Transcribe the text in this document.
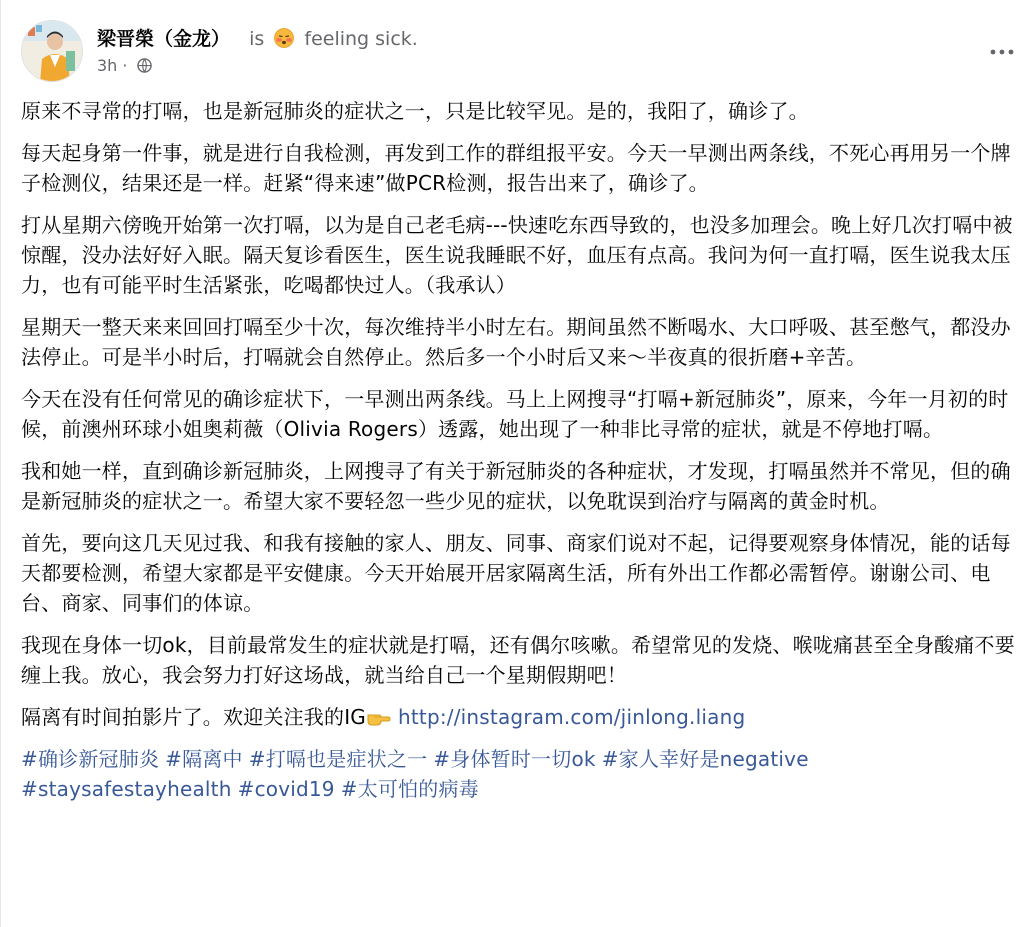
梁晋榮（金龙） is feeling sick.
3h ·

原来不寻常的打嗝，也是新冠肺炎的症状之一，只是比较罕见。是的，我阳了，确诊了。

每天起身第一件事，就是进行自我检测，再发到工作的群组报平安。今天一早测出两条线，不死心再用另一个牌子检测仪，结果还是一样。赶紧“得来速”做PCR检测，报告出来了，确诊了。

打从星期六傍晚开始第一次打嗝，以为是自己老毛病---快速吃东西导致的，也没多加理会。晚上好几次打嗝中被惊醒，没办法好好入眠。隔天复诊看医生，医生说我睡眠不好，血压有点高。我问为何一直打嗝，医生说我太压力，也有可能平时生活紧张，吃喝都快过人。（我承认）

星期天一整天来来回回打嗝至少十次，每次维持半小时左右。期间虽然不断喝水、大口呼吸、甚至憋气，都没办法停止。可是半小时后，打嗝就会自然停止。然后多一个小时后又来～半夜真的很折磨+辛苦。

今天在没有任何常见的确诊症状下，一早测出两条线。马上上网搜寻“打嗝+新冠肺炎”，原来，今年一月初的时候，前澳州环球小姐奥莉薇（Olivia Rogers）透露，她出现了一种非比寻常的症状，就是不停地打嗝。

我和她一样，直到确诊新冠肺炎，上网搜寻了有关于新冠肺炎的各种症状，才发现，打嗝虽然并不常见，但的确是新冠肺炎的症状之一。希望大家不要轻忽一些少见的症状，以免耽误到治疗与隔离的黄金时机。

首先，要向这几天见过我、和我有接触的家人、朋友、同事、商家们说对不起，记得要观察身体情况，能的话每天都要检测，希望大家都是平安健康。今天开始展开居家隔离生活，所有外出工作都必需暂停。谢谢公司、电台、商家、同事们的体谅。

我现在身体一切ok，目前最常发生的症状就是打嗝，还有偶尔咳嗽。希望常见的发烧、喉咙痛甚至全身酸痛不要缠上我。放心，我会努力打好这场战，就当给自己一个星期假期吧！

隔离有时间拍影片了。欢迎关注我的IG http://instagram.com/jinlong.liang

#确诊新冠肺炎 #隔离中 #打嗝也是症状之一 #身体暂时一切ok #家人幸好是negative
#staysafestayhealth #covid19 #太可怕的病毒
